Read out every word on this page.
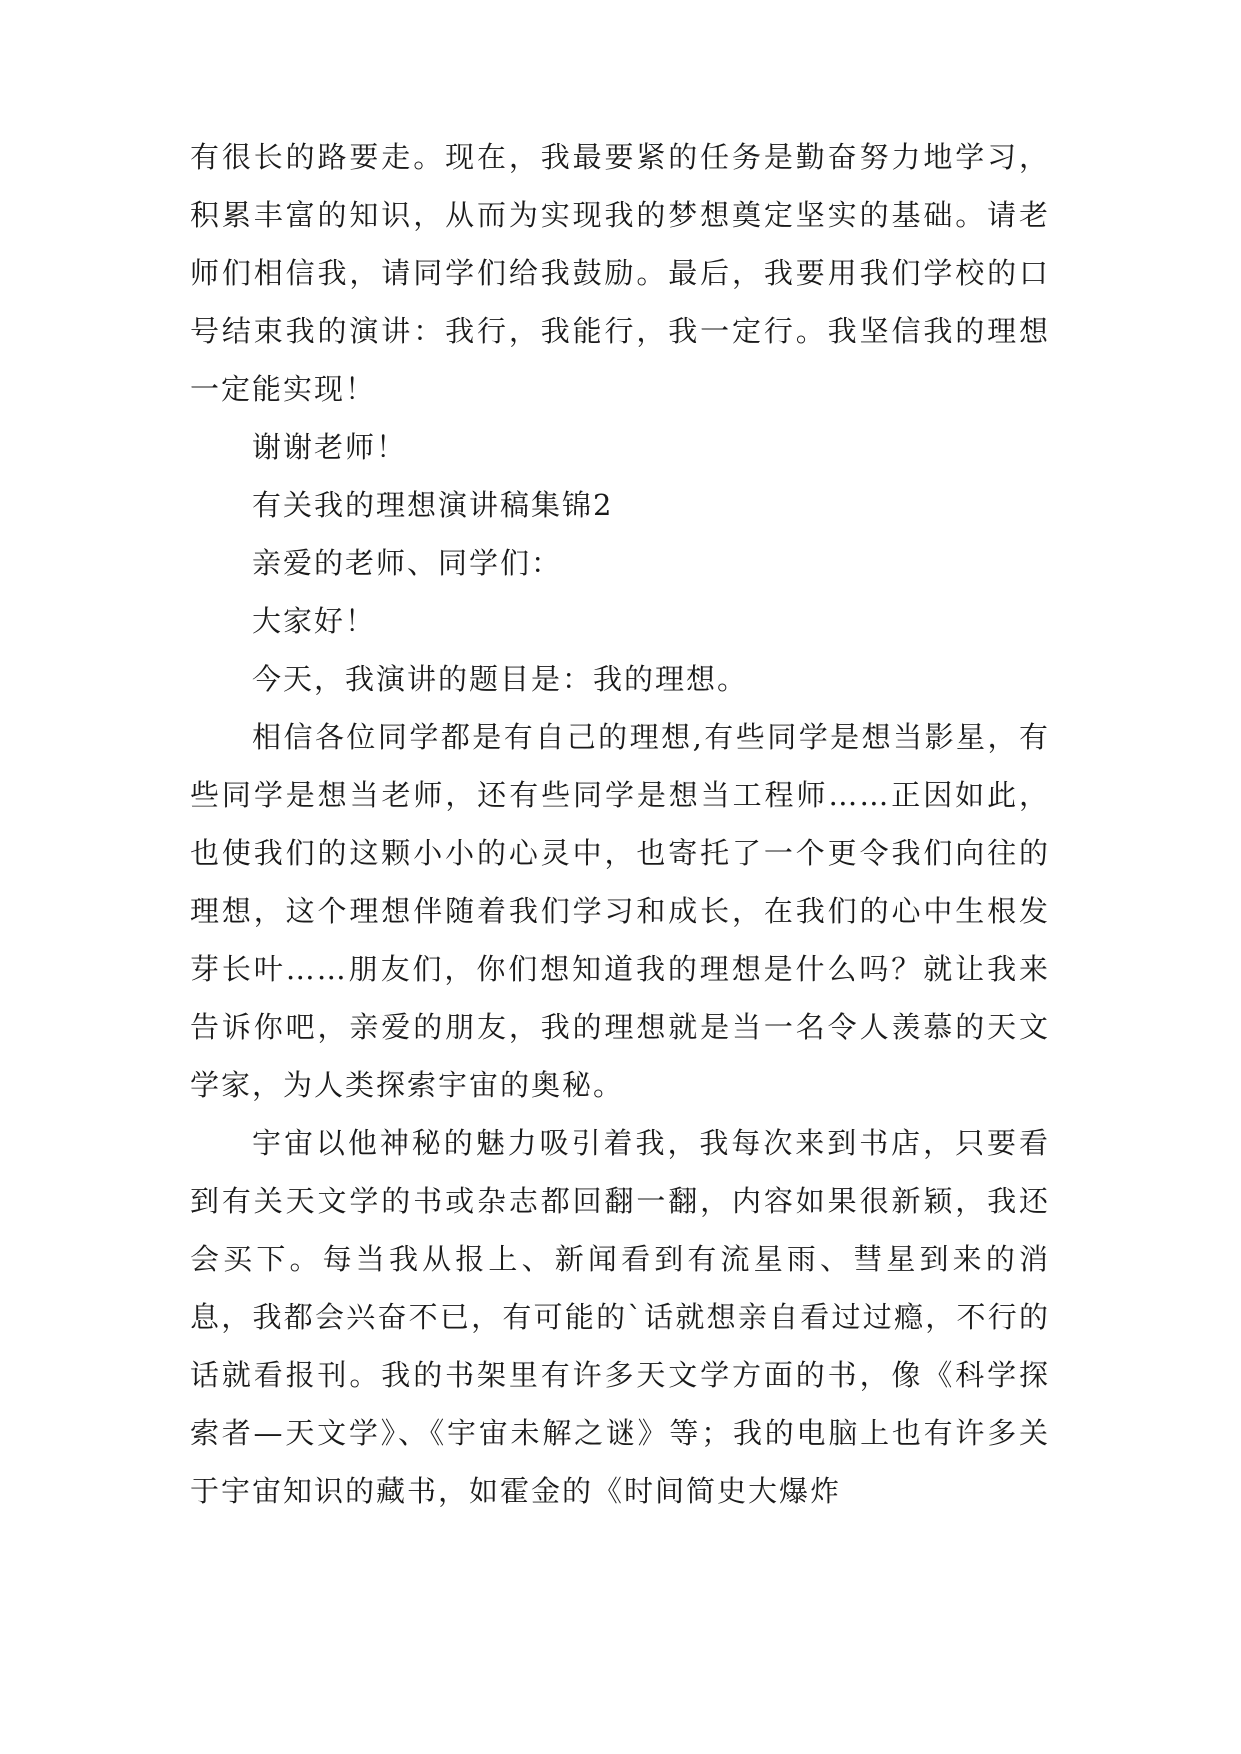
有很长的路要走。现在，我最要紧的任务是勤奋努力地学习，积累丰富的知识，从而为实现我的梦想奠定坚实的基础。请老师们相信我，请同学们给我鼓励。最后，我要用我们学校的口号结束我的演讲：我行，我能行，我一定行。我坚信我的理想一定能实现！

谢谢老师！

有关我的理想演讲稿集锦2

亲爱的老师、同学们：

大家好！

今天，我演讲的题目是：我的理想。

相信各位同学都是有自己的理想,有些同学是想当影星，有些同学是想当老师，还有些同学是想当工程师……正因如此，也使我们的这颗小小的心灵中，也寄托了一个更令我们向往的理想，这个理想伴随着我们学习和成长，在我们的心中生根发芽长叶……朋友们，你们想知道我的理想是什么吗？就让我来告诉你吧，亲爱的朋友，我的理想就是当一名令人羡慕的天文学家，为人类探索宇宙的奥秘。

宇宙以他神秘的魅力吸引着我，我每次来到书店，只要看到有关天文学的书或杂志都回翻一翻，内容如果很新颖，我还会买下。每当我从报上、新闻看到有流星雨、彗星到来的消息，我都会兴奋不已，有可能的`话就想亲自看过过瘾，不行的话就看报刊。我的书架里有许多天文学方面的书，像《科学探索者—天文学》、《宇宙未解之谜》等；我的电脑上也有许多关于宇宙知识的藏书，如霍金的《时间简史大爆炸
